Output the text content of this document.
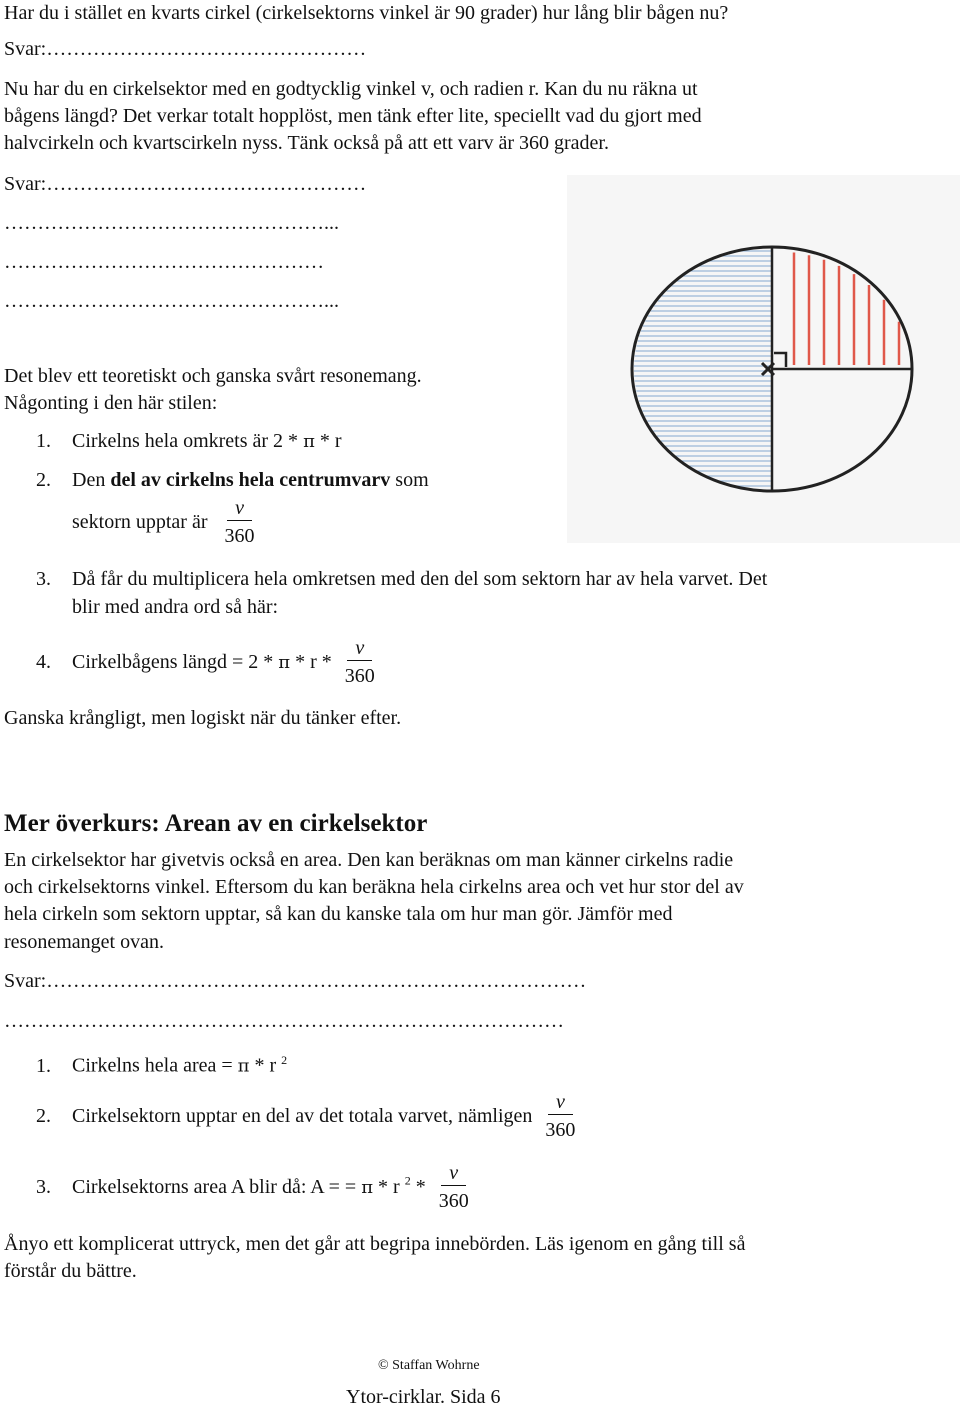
Har du i stället en kvarts cirkel (cirkelsektorns vinkel är 90 grader) hur lång blir bågen nu?
Svar:…………………………………………
Nu har du en cirkelsektor med en godtycklig vinkel v, och radien r. Kan du nu räkna ut
bågens längd? Det verkar totalt hopplöst, men tänk efter lite, speciellt vad du gjort med
halvcirkeln och kvartscirkeln nyss. Tänk också på att ett varv är 360 grader.
Svar:…………………………………………
…………………………………………...
…………………………………………
…………………………………………...
Det blev ett teoretiskt och ganska svårt resonemang.
Någonting i den här stilen:
1. Cirkelns hela omkrets är 2 * π * r
2. Den del av cirkelns hela centrumvarv som
sektorn upptar är $\frac{v}{360}$
3. Då får du multiplicera hela omkretsen med den del som sektorn har av hela varvet. Det
blir med andra ord så här:
4. Cirkelbågens längd = 2 * π * r * $\frac{v}{360}$
Ganska krångligt, men logiskt när du tänker efter.
Mer överkurs: Arean av en cirkelsektor
En cirkelsektor har givetvis också en area. Den kan beräknas om man känner cirkelns radie
och cirkelsektorns vinkel. Eftersom du kan beräkna hela cirkelns area och vet hur stor del av
hela cirkeln som sektorn upptar, så kan du kanske tala om hur man gör. Jämför med
resonemanget ovan.
Svar:………………………………………………………………………
…………………………………………………………………………
1. Cirkelns hela area = π * r $^2$
2. Cirkelsektorn upptar en del av det totala varvet, nämligen $\frac{v}{360}$
3. Cirkelsektorns area A blir då: A = = π * r $^2 * \frac{v}{360}$
Ånyo ett komplicerat uttryck, men det går att begripa innebörden. Läs igenom en gång till så
förstår du bättre.
© Staffan Wohrne
Ytor-cirklar. Sida 6
